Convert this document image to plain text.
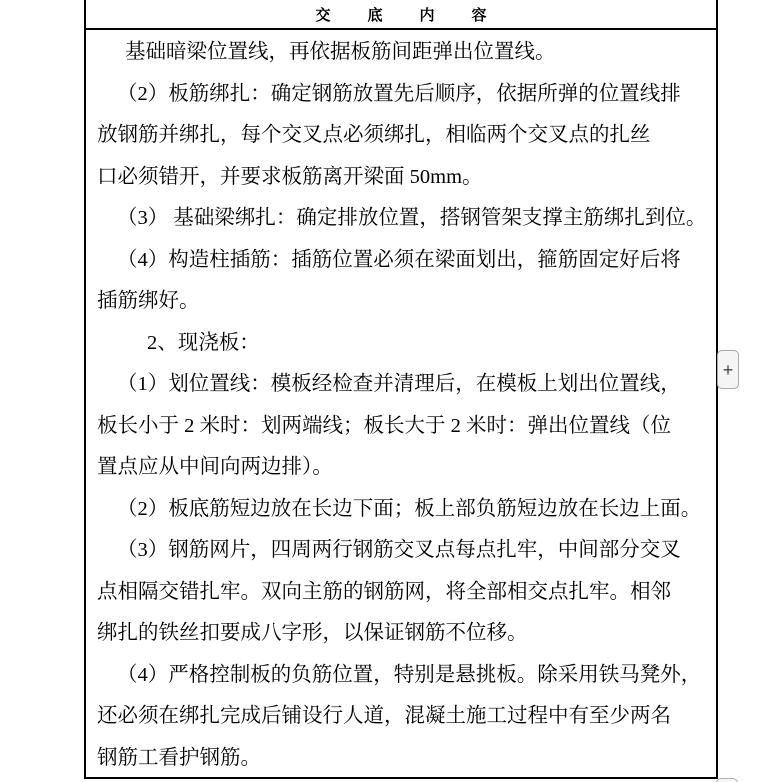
交底内容
基础暗梁位置线，再依据板筋间距弹出位置线。
（2）板筋绑扎：确定钢筋放置先后顺序，依据所弹的位置线排
放钢筋并绑扎，每个交叉点必须绑扎，相临两个交叉点的扎丝
口必须错开，并要求板筋离开梁面 50mm。
（3） 基础梁绑扎：确定排放位置，搭钢管架支撑主筋绑扎到位。
（4）构造柱插筋：插筋位置必须在梁面划出，箍筋固定好后将
插筋绑好。
2、现浇板：
（1）划位置线：模板经检查并清理后，在模板上划出位置线，
板长小于 2 米时：划两端线；板长大于 2 米时：弹出位置线（位
置点应从中间向两边排）。
（2）板底筋短边放在长边下面；板上部负筋短边放在长边上面。
（3）钢筋网片，四周两行钢筋交叉点每点扎牢，中间部分交叉
点相隔交错扎牢。双向主筋的钢筋网，将全部相交点扎牢。相邻
绑扎的铁丝扣要成八字形，以保证钢筋不位移。
（4）严格控制板的负筋位置，特别是悬挑板。除采用铁马凳外，
还必须在绑扎完成后铺设行人道，混凝土施工过程中有至少两名
钢筋工看护钢筋。
+
